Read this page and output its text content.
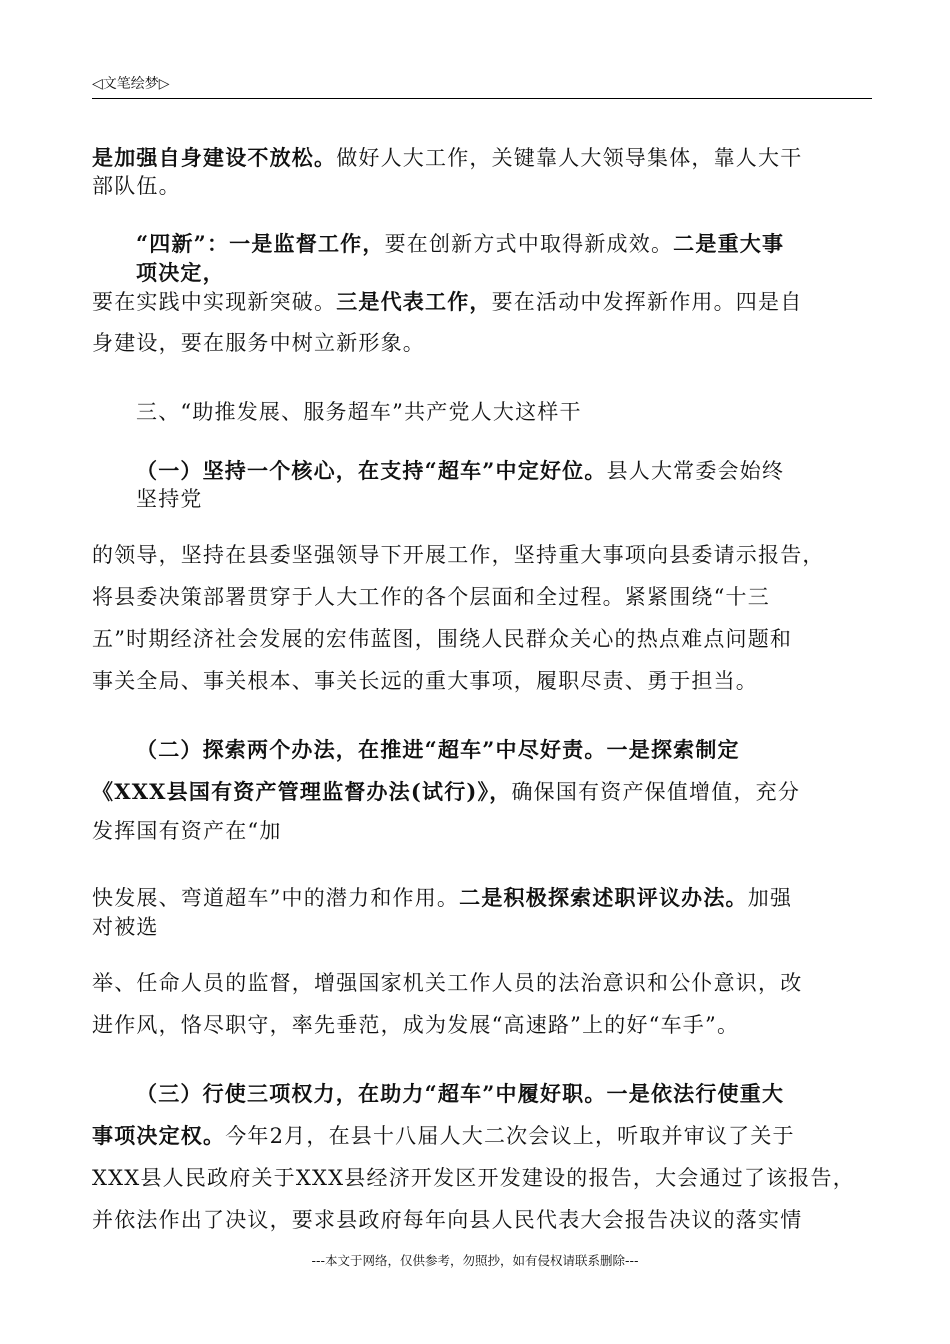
◁文笔绘梦▷
是加强自身建设不放松。做好人大工作，关键靠人大领导集体，靠人大干
部队伍。
“四新”：一是监督工作，要在创新方式中取得新成效。二是重大事
项决定，
要在实践中实现新突破。三是代表工作，要在活动中发挥新作用。四是自
身建设，要在服务中树立新形象。
三、“助推发展、服务超车”共产党人大这样干
（一）坚持一个核心，在支持“超车”中定好位。县人大常委会始终
坚持党
的领导，坚持在县委坚强领导下开展工作，坚持重大事项向县委请示报告，
将县委决策部署贯穿于人大工作的各个层面和全过程。紧紧围绕“十三
五”时期经济社会发展的宏伟蓝图，围绕人民群众关心的热点难点问题和
事关全局、事关根本、事关长远的重大事项，履职尽责、勇于担当。
（二）探索两个办法，在推进“超车”中尽好责。一是探索制定
《XXX县国有资产管理监督办法(试行)》，确保国有资产保值增值，充分
发挥国有资产在“加
快发展、弯道超车”中的潜力和作用。二是积极探索述职评议办法。加强
对被选
举、任命人员的监督，增强国家机关工作人员的法治意识和公仆意识，改
进作风，恪尽职守，率先垂范，成为发展“高速路”上的好“车手”。
（三）行使三项权力，在助力“超车”中履好职。一是依法行使重大
事项决定权。今年2月，在县十八届人大二次会议上，听取并审议了关于
XXX县人民政府关于XXX县经济开发区开发建设的报告，大会通过了该报告，
并依法作出了决议，要求县政府每年向县人民代表大会报告决议的落实情
---本文于网络，仅供参考，勿照抄，如有侵权请联系删除---
